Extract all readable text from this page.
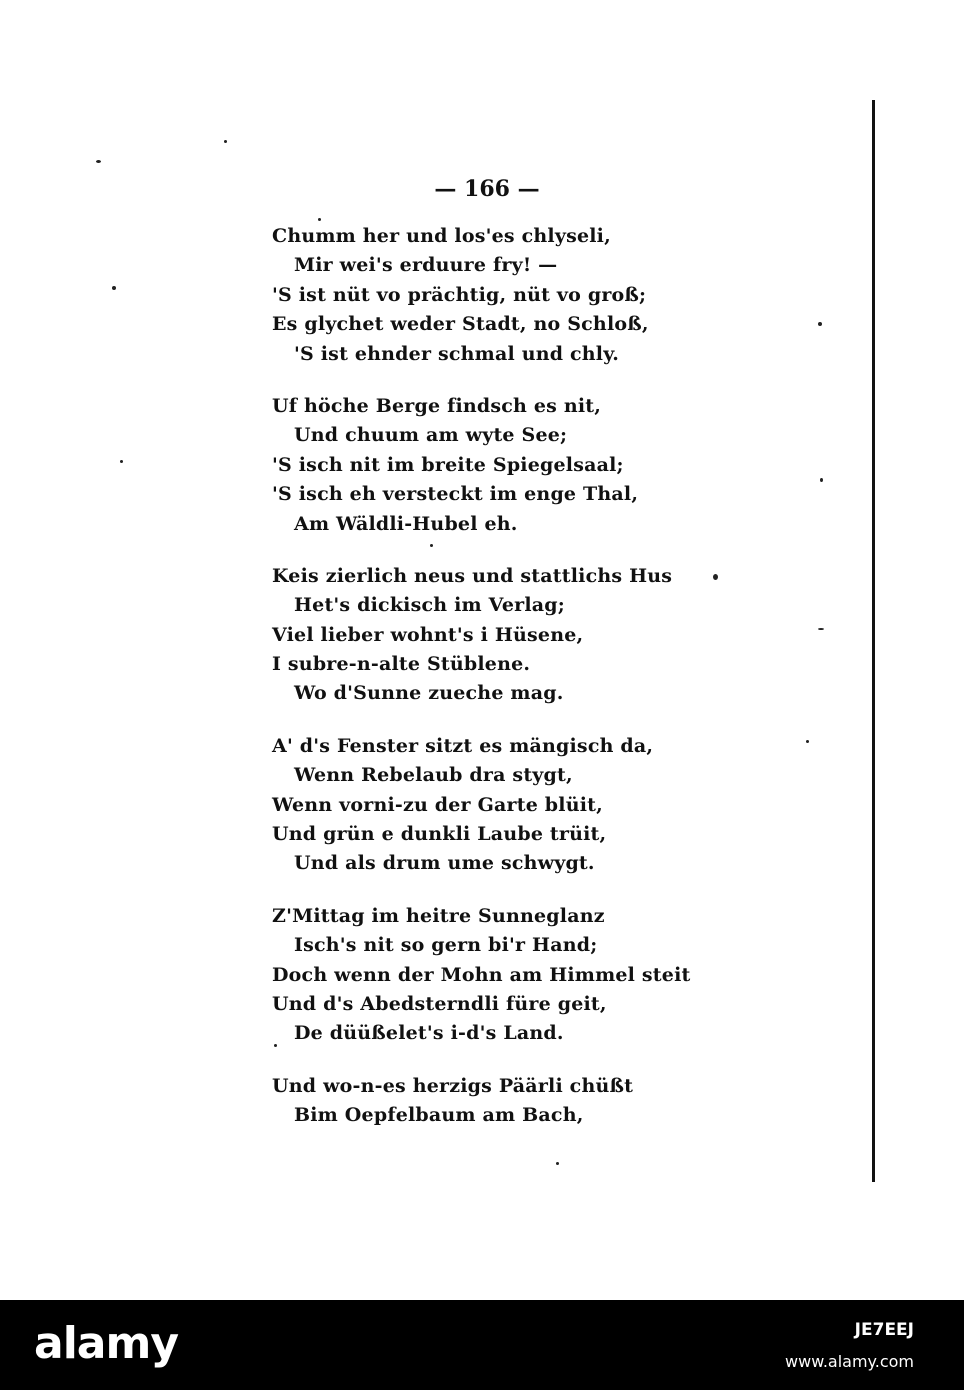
— 166 —
Chumm her und los'es chlyseli,
Mir wei's erduure fry! —
'S ist nüt vo prächtig, nüt vo groß;
Es glychet weder Stadt, no Schloß,
'S ist ehnder schmal und chly.
Uf höche Berge findsch es nit,
Und chuum am wyte See;
'S isch nit im breite Spiegelsaal;
'S isch eh versteckt im enge Thal,
Am Wäldli-Hubel eh.
Keis zierlich neus und stattlichs Hus
Het's dickisch im Verlag;
Viel lieber wohnt's i Hüsene,
I subre-n-alte Stüblene.
Wo d'Sunne zueche mag.
A' d's Fenster sitzt es mängisch da,
Wenn Rebelaub dra stygt,
Wenn vorni-zu der Garte blüit,
Und grün e dunkli Laube trüit,
Und als drum ume schwygt.
Z'Mittag im heitre Sunneglanz
Isch's nit so gern bi'r Hand;
Doch wenn der Mohn am Himmel steit
Und d's Abedsterndli füre geit,
De düüßelet's i-d's Land.
Und wo-n-es herzigs Päärli chüßt
Bim Oepfelbaum am Bach,
alamy	JE7EEJ
www.alamy.com
